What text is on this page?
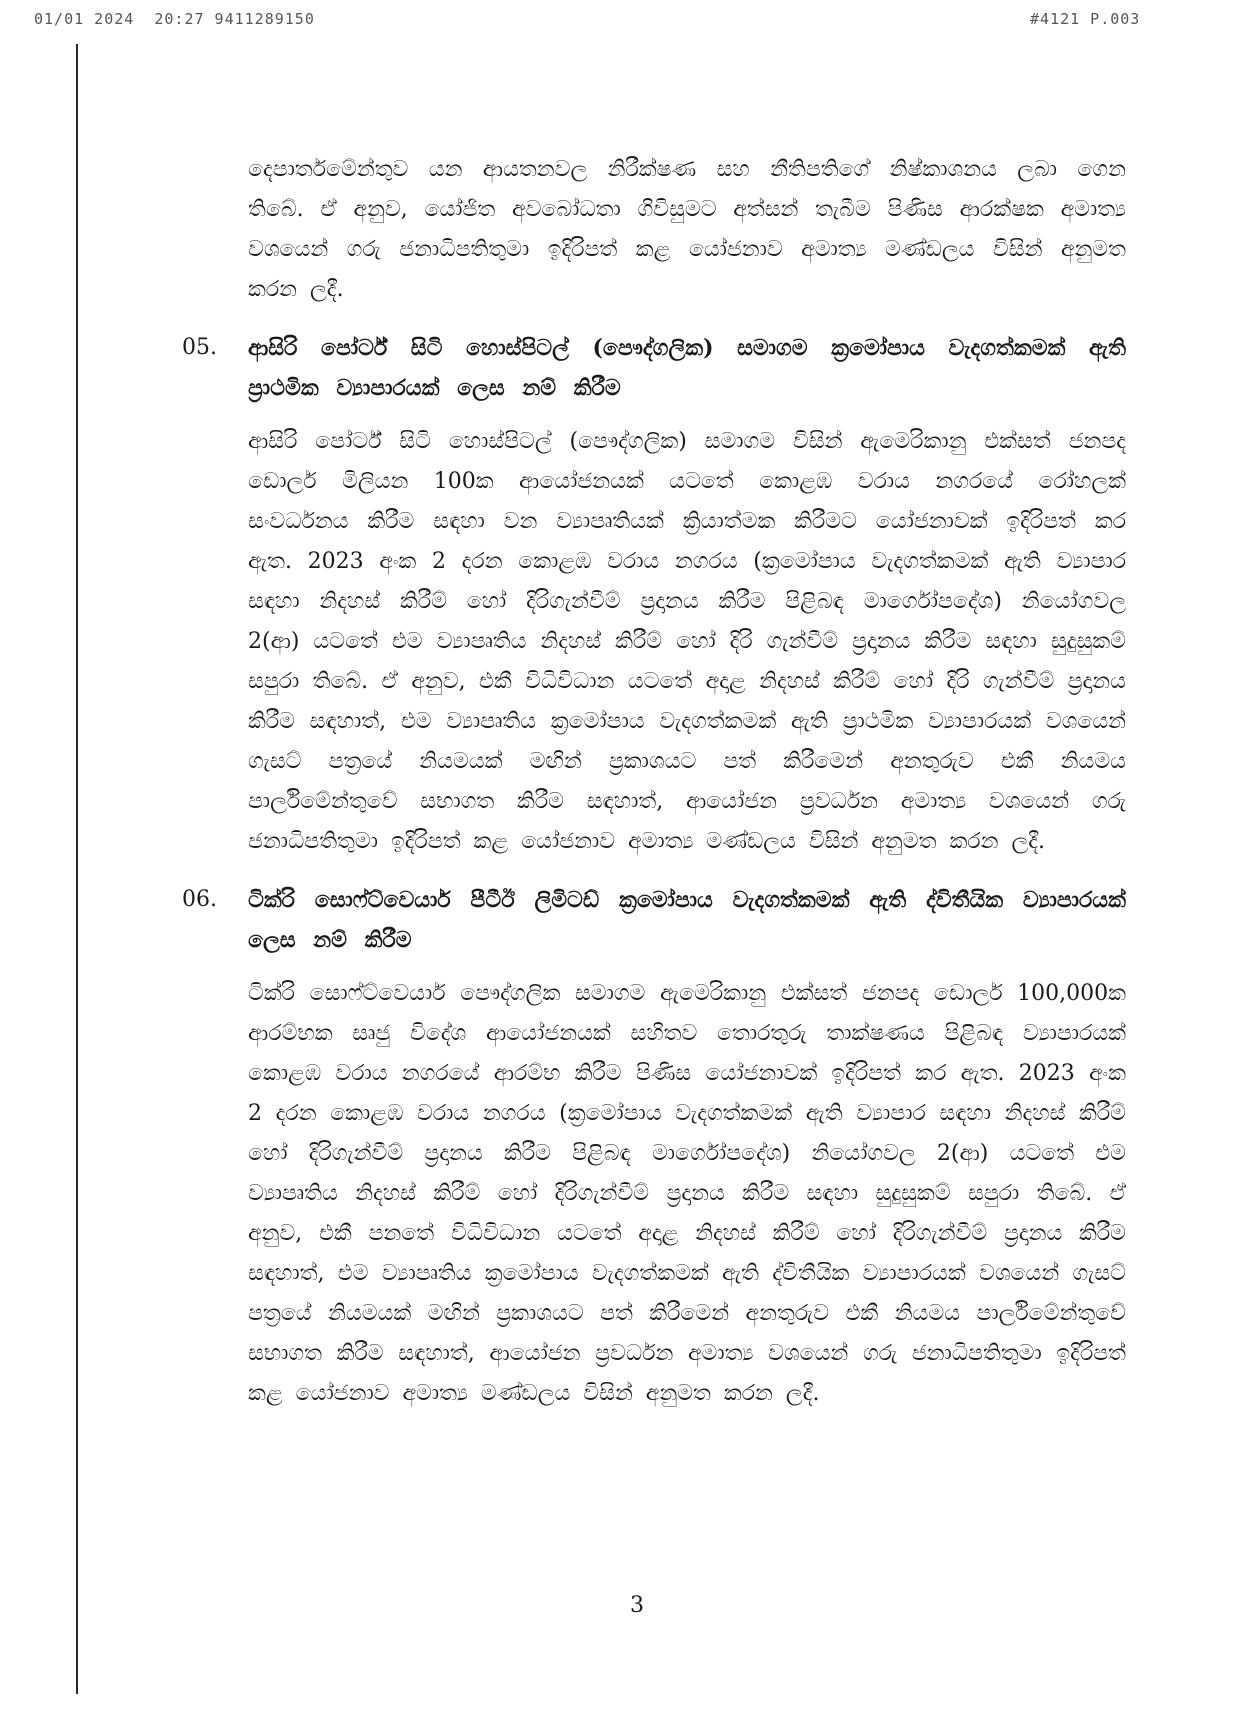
01/01 2024  20:27 9411289150	#4121 P.003

දෙපාර්තමේන්තුව යන ආයතනවල නිරීක්ෂණ සහ නීතිපතිගේ නිෂ්කාශනය ලබා ගෙන තිබේ. ඒ අනුව, යෝජිත අවබෝධතා ගිවිසුමට අත්සන් තැබීම පිණිස ආරක්ෂක අමාත්‍ය වශයෙන් ගරු ජනාධිපතිතුමා ඉදිරිපත් කළ යෝජනාව අමාත්‍ය මණ්ඩලය විසින් අනුමත කරන ලදී.

05. ආසිරි පෝර්ට් සිටි හොස්පිටල් (පෞද්ගලික) සමාගම ක්‍රමෝපාය වැදගත්කමක් ඇති ප්‍රාථමික ව්‍යාපාරයක් ලෙස නම් කිරීම

ආසිරි පෝර්ට් සිටි හොස්පිටල් (පෞද්ගලික) සමාගම විසින් ඇමෙරිකානු එක්සත් ජනපද ඩොලර් මිලියන 100ක ආයෝජනයක් යටතේ කොළඹ වරාය නගරයේ රෝහලක් සංවර්ධනය කිරීම සඳහා වන ව්‍යාපෘතියක් ක්‍රියාත්මක කිරීමට යෝජනාවක් ඉදිරිපත් කර ඇත. 2023 අංක 2 දරන කොළඹ වරාය නගරය (ක්‍රමෝපාය වැදගත්කමක් ඇති ව්‍යාපාර සඳහා නිදහස් කිරීම් හෝ දිරිගැන්වීම් ප්‍රදානය කිරීම පිළිබඳ මාර්ගෝපදේශ) නියෝගවල 2(ආ) යටතේ එම ව්‍යාපෘතිය නිදහස් කිරීම් හෝ දිරි ගැන්වීම් ප්‍රදානය කිරීම සඳහා සුදුසුකම් සපුරා තිබේ. ඒ අනුව, එකී විධිවිධාන යටතේ අදාළ නිදහස් කිරීම් හෝ දිරි ගැන්වීම් ප්‍රදානය කිරීම සඳහාත්, එම ව්‍යාපෘතිය ක්‍රමෝපාය වැදගත්කමක් ඇති ප්‍රාථමික ව්‍යාපාරයක් වශයෙන් ගැසට් පත්‍රයේ නියමයක් මඟින් ප්‍රකාශයට පත් කිරීමෙන් අනතුරුව එකී නියමය පාර්ලිමේන්තුවේ සභාගත කිරීම සඳහාත්, ආයෝජන ප්‍රවර්ධන අමාත්‍ය වශයෙන් ගරු ජනාධිපතිතුමා ඉදිරිපත් කළ යෝජනාව අමාත්‍ය මණ්ඩලය විසින් අනුමත කරන ලදී.

06. ටික්රි සොෆ්ට්වෙයාර් පීටීඊ ලිමිටඩ් ක්‍රමෝපාය වැදගත්කමක් ඇති ද්විතීයික ව්‍යාපාරයක් ලෙස නම් කිරීම

ටික්රි සොෆ්ට්වෙයාර් පෞද්ගලික සමාගම ඇමෙරිකානු එක්සත් ජනපද ඩොලර් 100,000ක ආරම්භක සෘජු විදේශ ආයෝජනයක් සහිතව තොරතුරු තාක්ෂණය පිළිබඳ ව්‍යාපාරයක් කොළඹ වරාය නගරයේ ආරම්භ කිරීම පිණිස යෝජනාවක් ඉදිරිපත් කර ඇත. 2023 අංක 2 දරන කොළඹ වරාය නගරය (ක්‍රමෝපාය වැදගත්කමක් ඇති ව්‍යාපාර සඳහා නිදහස් කිරීම් හෝ දිරිගැන්වීම් ප්‍රදානය කිරීම පිළිබඳ මාර්ගෝපදේශ) නියෝගවල 2(ආ) යටතේ එම ව්‍යාපෘතිය නිදහස් කිරීම් හෝ දිරිගැන්වීම් ප්‍රදානය කිරීම සඳහා සුදුසුකම් සපුරා තිබේ. ඒ අනුව, එකී පනතේ විධිවිධාන යටතේ අදාළ නිදහස් කිරීම් හෝ දිරිගැන්වීම් ප්‍රදානය කිරීම සඳහාත්, එම ව්‍යාපෘතිය ක්‍රමෝපාය වැදගත්කමක් ඇති ද්විතීයික ව්‍යාපාරයක් වශයෙන් ගැසට් පත්‍රයේ නියමයක් මඟින් ප්‍රකාශයට පත් කිරීමෙන් අනතුරුව එකී නියමය පාර්ලිමේන්තුවේ සභාගත කිරීම සඳහාත්, ආයෝජන ප්‍රවර්ධන අමාත්‍ය වශයෙන් ගරු ජනාධිපතිතුමා ඉදිරිපත් කළ යෝජනාව අමාත්‍ය මණ්ඩලය විසින් අනුමත කරන ලදී.

3
